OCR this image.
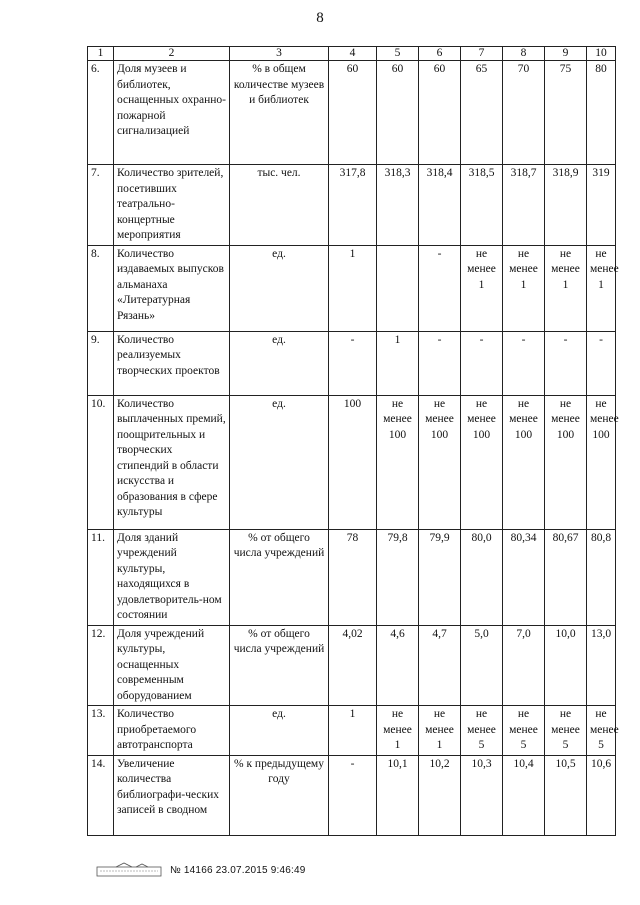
8
1	2	3	4	5	6	7	8	9	10
6.	Доля музеев и библиотек, оснащенных охранно-пожарной сигнализацией	% в общем количестве музеев и библиотек	60	60	60	65	70	75	80
7.	Количество зрителей, посетивших театрально-концертные мероприятия	тыс. чел.	317,8	318,3	318,4	318,5	318,7	318,9	319
8.	Количество издаваемых выпусков альманаха «Литературная Рязань»	ед.	1		-	не менее 1	не менее 1	не менее 1	не менее 1
9.	Количество реализуемых творческих проектов	ед.	-	1	-	-	-	-	-
10.	Количество выплаченных премий, поощрительных и творческих стипендий в области искусства и образования в сфере культуры	ед.	100	не менее 100	не менее 100	не менее 100	не менее 100	не менее 100	не менее 100
11.	Доля зданий учреждений культуры, находящихся в удовлетворитель-ном состоянии	% от общего числа учреждений	78	79,8	79,9	80,0	80,34	80,67	80,8
12.	Доля учреждений культуры, оснащенных современным оборудованием	% от общего числа учреждений	4,02	4,6	4,7	5,0	7,0	10,0	13,0
13.	Количество приобретаемого автотранспорта	ед.	1	не менее 1	не менее 1	не менее 5	не менее 5	не менее 5	не менее 5
14.	Увеличение количества библиографи-ческих записей в сводном	% к предыдущему году	-	10,1	10,2	10,3	10,4	10,5	10,6
№ 14166 23.07.2015 9:46:49
